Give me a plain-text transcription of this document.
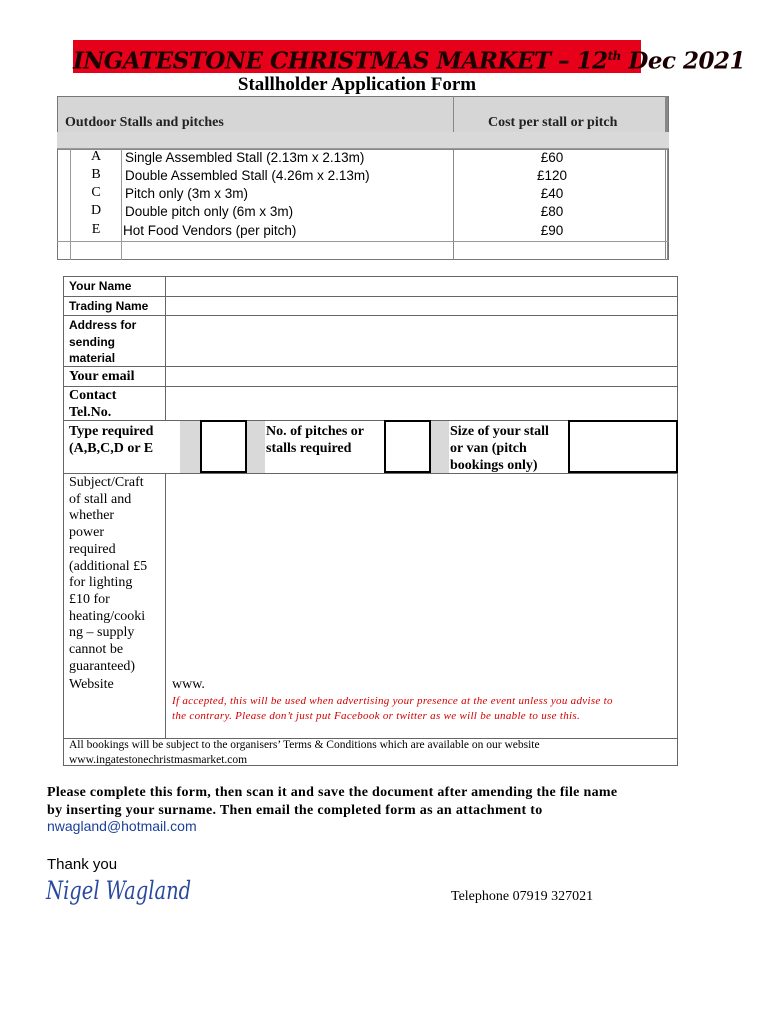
INGATESTONE CHRISTMAS MARKET – 12th Dec 2021
Stallholder Application Form
Outdoor Stalls and pitches	Cost per stall or pitch
A	Single Assembled Stall (2.13m x 2.13m)	£60
B	Double Assembled Stall (4.26m x 2.13m)	£120
C	Pitch only (3m x 3m)	£40
D	Double pitch only (6m x 3m)	£80
E	Hot Food Vendors (per pitch)	£90
Your Name
Trading Name
Address for
sending
material
Your email
Contact
Tel.No.
Type required
(A,B,C,D or E
No. of pitches or
stalls required
Size of your stall
or van (pitch
bookings only)
Subject/Craft
of stall and
whether
power
required
(additional £5
for lighting
£10 for
heating/cooki
ng – supply
cannot be
guaranteed)
Website	www.
If accepted, this will be used when advertising your presence at the event unless you advise to
the contrary. Please don’t just put Facebook or twitter as we will be unable to use this.
All bookings will be subject to the organisers’ Terms & Conditions which are available on our website
www.ingatestonechristmasmarket.com
Please complete this form, then scan it and save the document after amending the file name
by inserting your surname. Then email the completed form as an attachment to
nwagland@hotmail.com
Thank you
Nigel Wagland	Telephone 07919 327021
